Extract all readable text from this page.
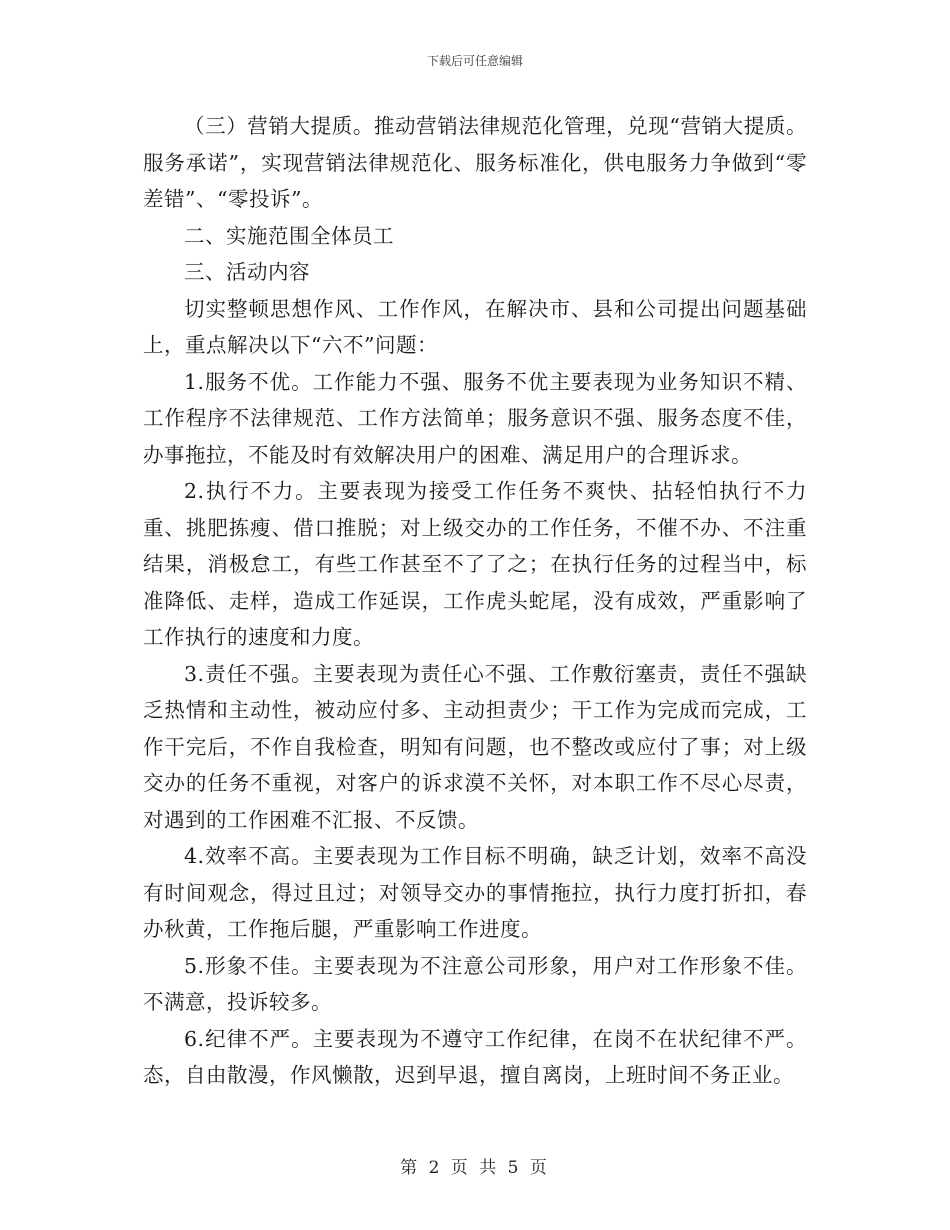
下载后可任意编辑

（三）营销大提质。推动营销法律规范化管理，兑现“营销大提质。服务承诺”，实现营销法律规范化、服务标准化，供电服务力争做到“零差错”、“零投诉”。

二、实施范围全体员工

三、活动内容

切实整顿思想作风、工作作风，在解决市、县和公司提出问题基础上，重点解决以下“六不”问题：

1.服务不优。工作能力不强、服务不优主要表现为业务知识不精、工作程序不法律规范、工作方法简单；服务意识不强、服务态度不佳，办事拖拉，不能及时有效解决用户的困难、满足用户的合理诉求。

2.执行不力。主要表现为接受工作任务不爽快、拈轻怕执行不力重、挑肥拣瘦、借口推脱；对上级交办的工作任务，不催不办、不注重结果，消极怠工，有些工作甚至不了了之；在执行任务的过程当中，标准降低、走样，造成工作延误，工作虎头蛇尾，没有成效，严重影响了工作执行的速度和力度。

3.责任不强。主要表现为责任心不强、工作敷衍塞责，责任不强缺乏热情和主动性，被动应付多、主动担责少；干工作为完成而完成，工作干完后，不作自我检查，明知有问题，也不整改或应付了事；对上级交办的任务不重视，对客户的诉求漠不关怀，对本职工作不尽心尽责，对遇到的工作困难不汇报、不反馈。

4.效率不高。主要表现为工作目标不明确，缺乏计划，效率不高没有时间观念，得过且过；对领导交办的事情拖拉，执行力度打折扣，春办秋黄，工作拖后腿，严重影响工作进度。

5.形象不佳。主要表现为不注意公司形象，用户对工作形象不佳。不满意，投诉较多。

6.纪律不严。主要表现为不遵守工作纪律，在岗不在状纪律不严。态，自由散漫，作风懒散，迟到早退，擅自离岗，上班时间不务正业。

第 2 页 共 5 页
